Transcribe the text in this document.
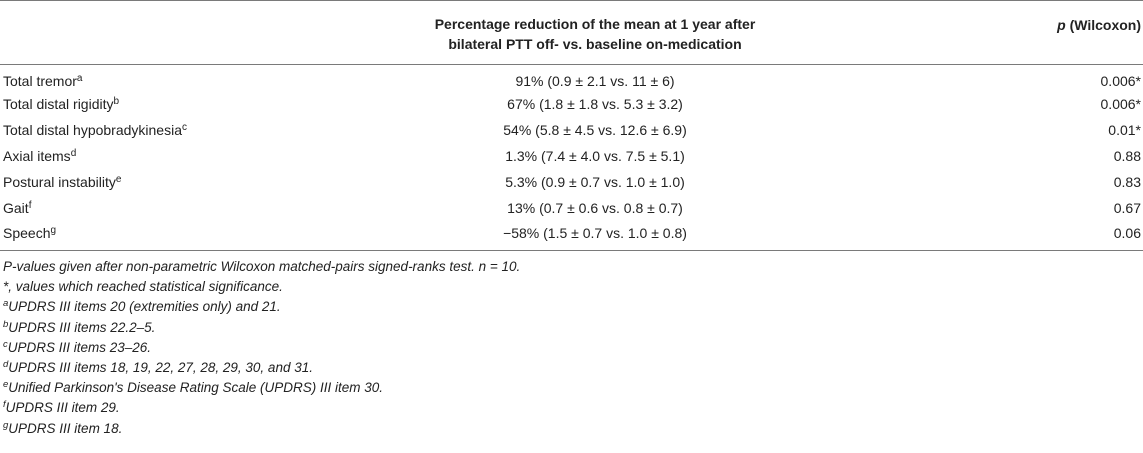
	Percentage reduction of the mean at 1 year after
bilateral PTT off- vs. baseline on-medication	p (Wilcoxon)
Total tremor$^a$	91% (0.9 ± 2.1 vs. 11 ± 6)	0.006*
Total distal rigidity$^b$	67% (1.8 ± 1.8 vs. 5.3 ± 3.2)	0.006*
Total distal hypobradykinesia$^c$	54% (5.8 ± 4.5 vs. 12.6 ± 6.9)	0.01*
Axial items$^d$	1.3% (7.4 ± 4.0 vs. 7.5 ± 5.1)	0.88
Postural instability$^e$	5.3% (0.9 ± 0.7 vs. 1.0 ± 1.0)	0.83
Gait$^f$	13% (0.7 ± 0.6 vs. 0.8 ± 0.7)	0.67
Speech$^g$	−58% (1.5 ± 0.7 vs. 1.0 ± 0.8)	0.06
P-values given after non-parametric Wilcoxon matched-pairs signed-ranks test. n = 10.
*, values which reached statistical significance.
$^a$UPDRS III items 20 (extremities only) and 21.
$^b$UPDRS III items 22.2–5.
$^c$UPDRS III items 23–26.
$^d$UPDRS III items 18, 19, 22, 27, 28, 29, 30, and 31.
$^e$Unified Parkinson's Disease Rating Scale (UPDRS) III item 30.
$^f$UPDRS III item 29.
$^g$UPDRS III item 18.
